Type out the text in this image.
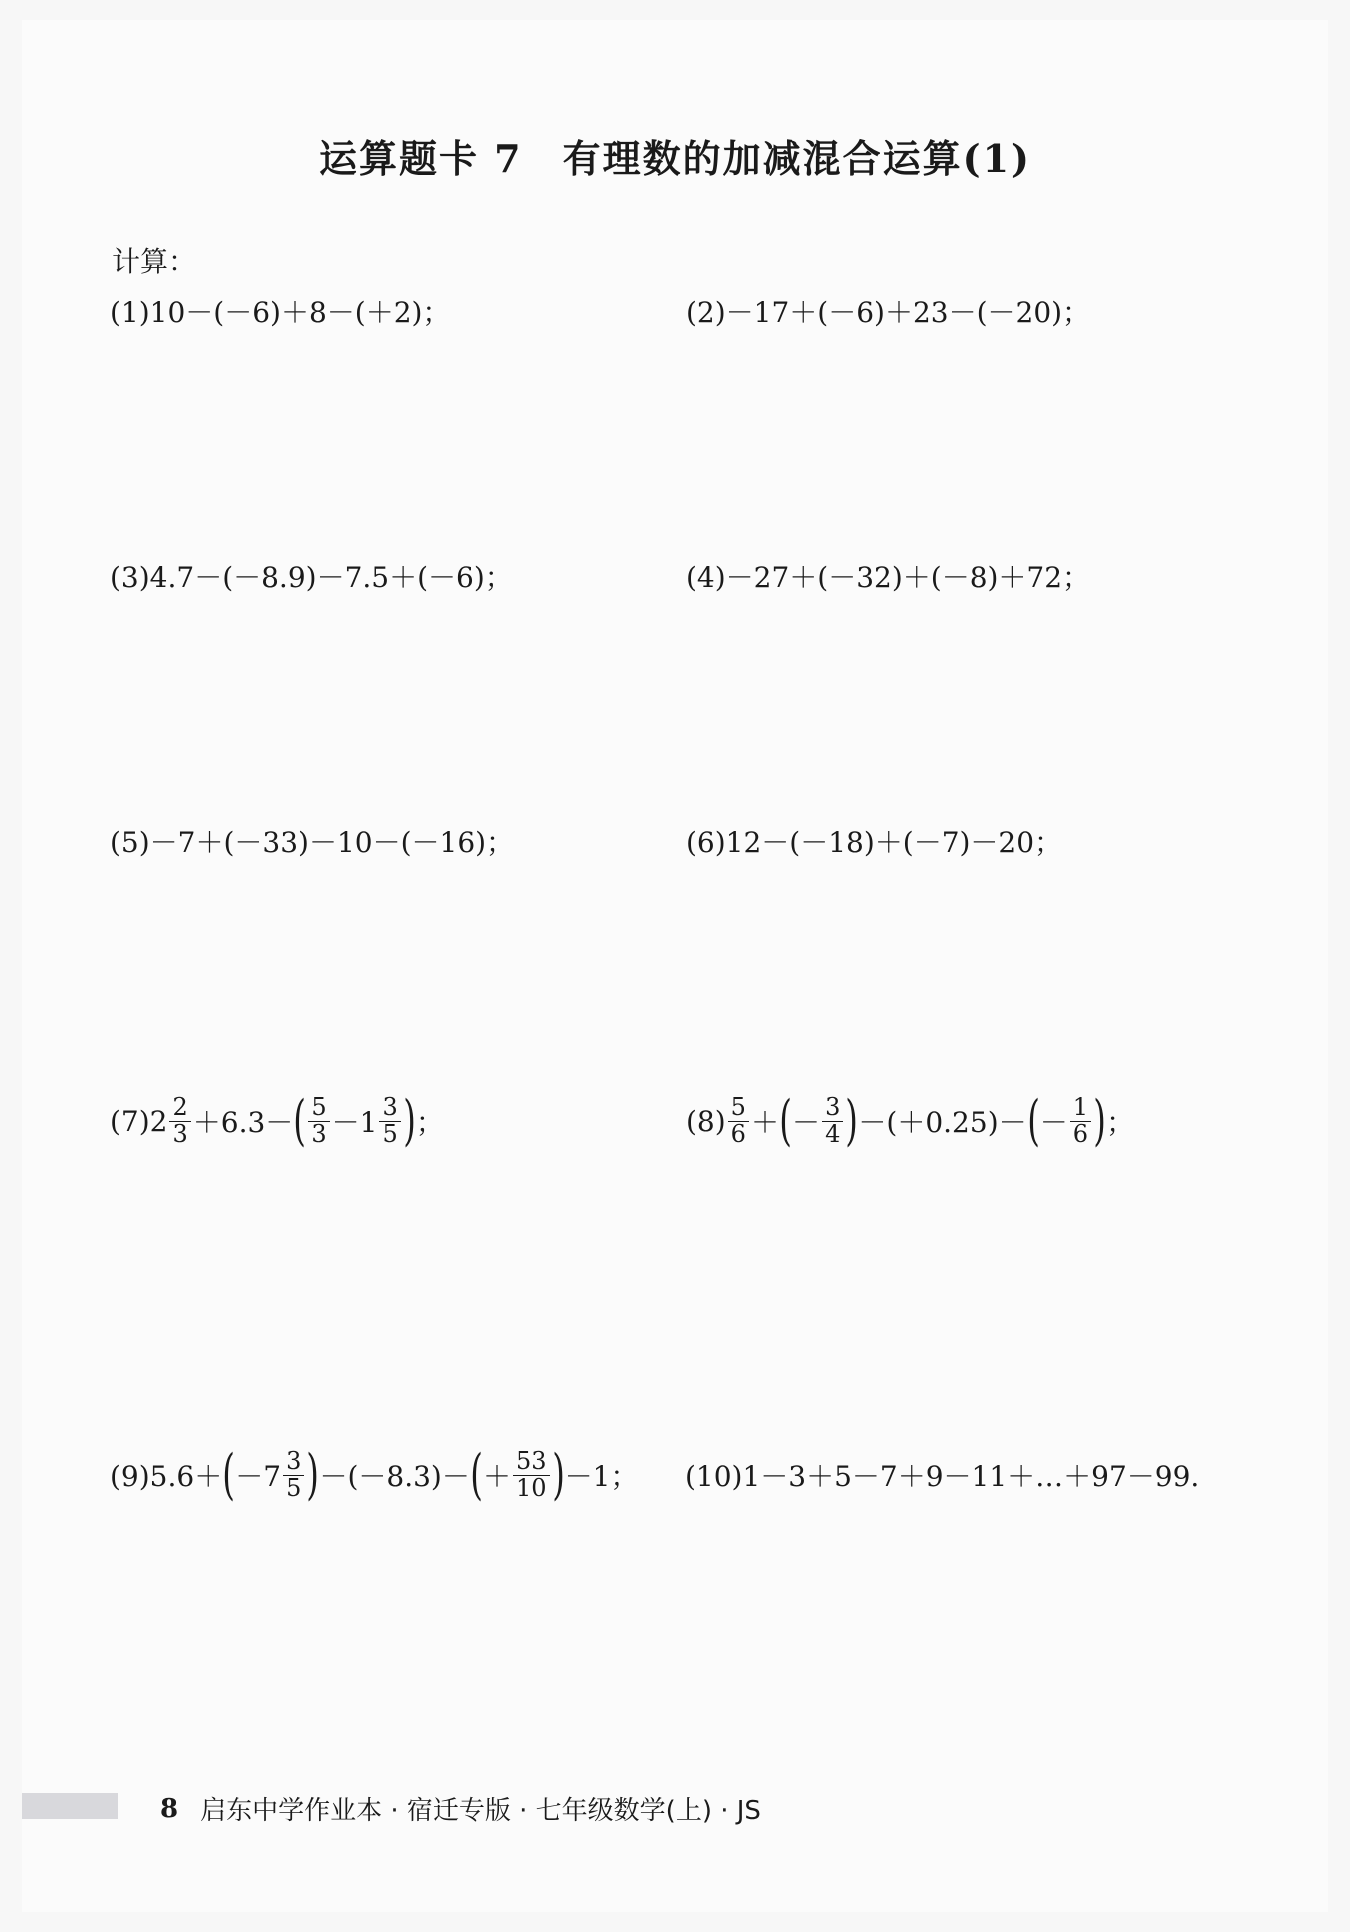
运算题卡 7　有理数的加减混合运算(1)
计算：
(1)10－(－6)＋8－(＋2)；	(2)－17＋(－6)＋23－(－20)；
(3)4.7－(－8.9)－7.5＋(－6)；	(4)－27＋(－32)＋(－8)＋72；
(5)－7＋(－33)－10－(－16)；	(6)12－(－18)＋(－7)－20；
$(7)2 \frac{2}{3} +6.3-$ ( $\frac{5}{3} -1 \frac{3}{5}$ ) ；	$(8) \frac{5}{6}$ ＋ ( － $\frac{3}{4}$ ) －(＋0.25)－ ( － $\frac{1}{6}$ ) ；
(9)5.6＋ ( $-7 \frac{3}{5}$ ) －(－8.3)－ ( ＋ $\frac{53}{10}$ ) －1； (10)1－3＋5－7＋9－11＋…＋97－99.
8 启东中学作业本 · 宿迁专版 · 七年级数学(上) · JS
